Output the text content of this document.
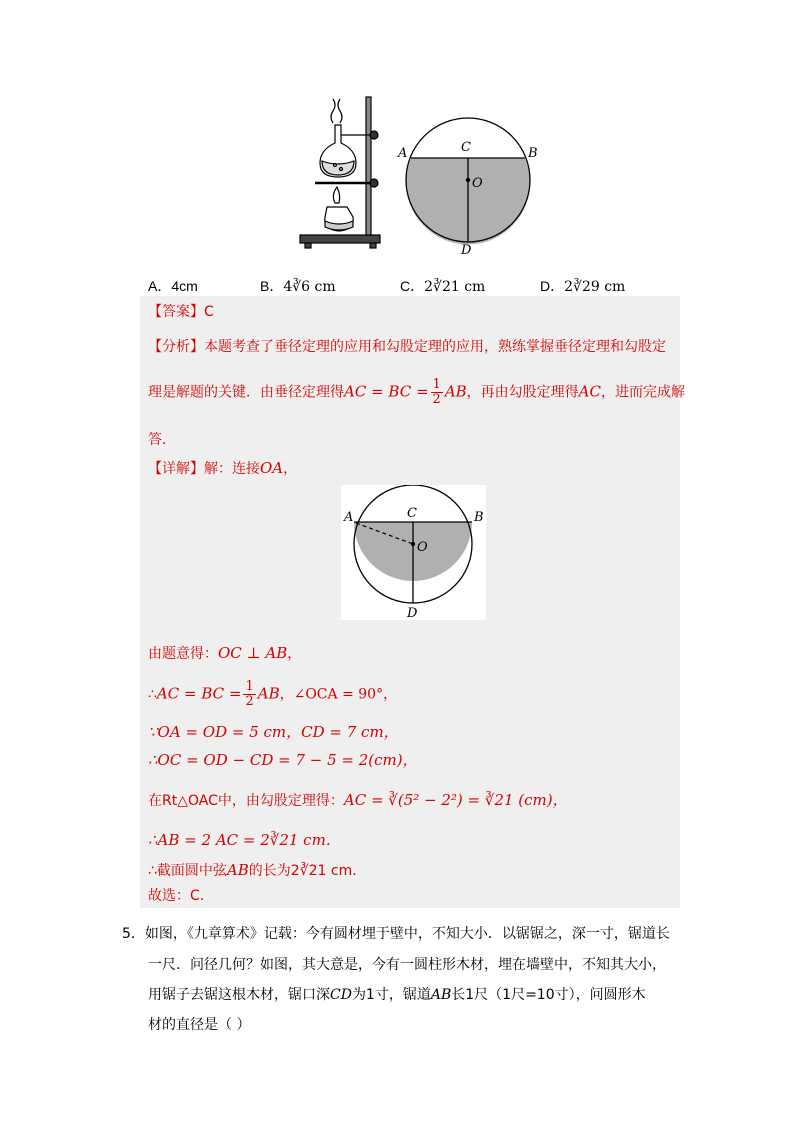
A	C	B
O
D
A．4cm	B．4∛6 cm	C．2∛21 cm	D．2∛29 cm
【答案】C
【分析】本题考查了垂径定理的应用和勾股定理的应用，熟练掌握垂径定理和勾股定
理是解题的关键．由垂径定理得AC = BC = $\frac{1}{2}$ AB，再由勾股定理得AC，进而完成解
答．
【详解】解：连接OA，
A	C	B
O
D
由题意得：OC ⊥ AB，
∴AC = BC = $\frac{1}{2}$ AB，∠OCA = 90°，
∵OA = OD = 5 cm，CD = 7 cm，
∴OC = OD − CD = 7 − 5 = 2(cm)，
在Rt△OAC中，由勾股定理得：AC = ∛(5² − 2²) = ∛21 (cm)，
∴AB = 2 AC = 2∛21 cm．
∴截面圆中弦AB的长为2∛21 cm．
故选：C．
5．如图，《九章算术》记载：今有圆材埋于壁中，不知大小．以锯锯之，深一寸，锯道长
一尺．问径几何？如图，其大意是，今有一圆柱形木材，埋在墙壁中，不知其大小，
用锯子去锯这根木材，锯口深CD为1寸，锯道AB长1尺（1尺=10寸），问圆形木
材的直径是（ ）
